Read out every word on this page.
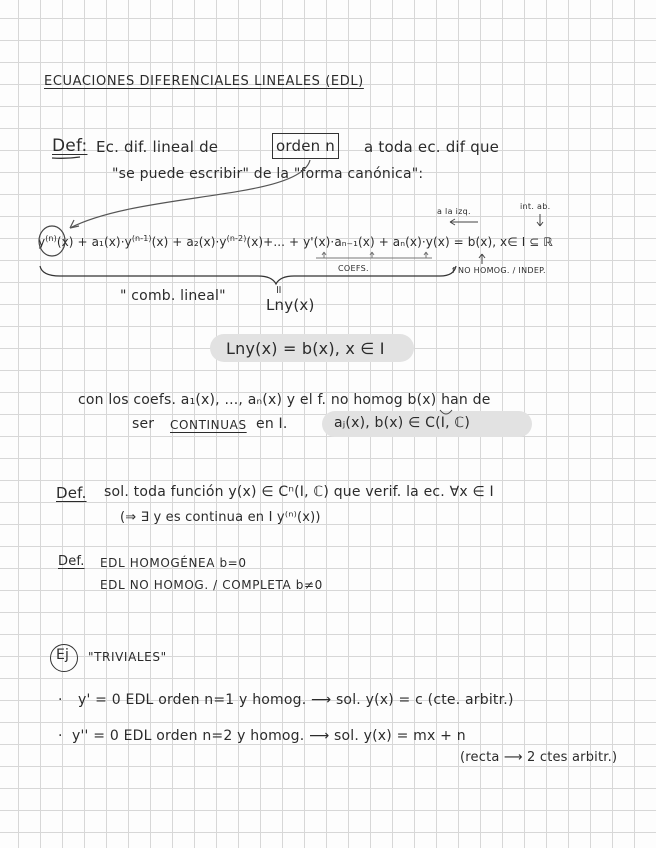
ECUACIONES DIFERENCIALES LINEALES (EDL)
Def: Ec. dif. lineal de	orden n a toda ec. dif que
"se puede escribir" de la "forma canónica":
a la izq.
int. ab.
$y^{(n)}(x) + a_1(x)\cdot y^{(n-1)}(x) + a_2(x)\cdot y^{(n-2)}(x)+$... + y'(x)·aₙ₋₁(x) + aₙ(x)·y(x) = b(x), x∈ I ⊆ ℝ
COEFS.	f NO HOMOG. / INDEP.
" comb. lineal"	॥
Lny(x)
Lny(x) = b(x), x ∈ I
con los coefs. a₁(x), ..., aₙ(x) y el f. no homog b(x) han de
ser CONTINUAS en I.	aⱼ(x), b(x) ∈ C(I, ℂ)
Def. sol. toda función y(x) ∈ Cⁿ(I, ℂ) que verif. la ec. ∀x ∈ I
(⇒ ∃ y es continua en I y⁽ⁿ⁾(x))
Def. EDL HOMOGÉNEA b=0
EDL NO HOMOG. / COMPLETA b≠0
Ej "TRIVIALES"
· y' = 0 EDL orden n=1 y homog. ⟶ sol. y(x) = c (cte. arbitr.)
· y'' = 0 EDL orden n=2 y homog. ⟶ sol. y(x) = mx + n
(recta ⟶ 2 ctes arbitr.)
